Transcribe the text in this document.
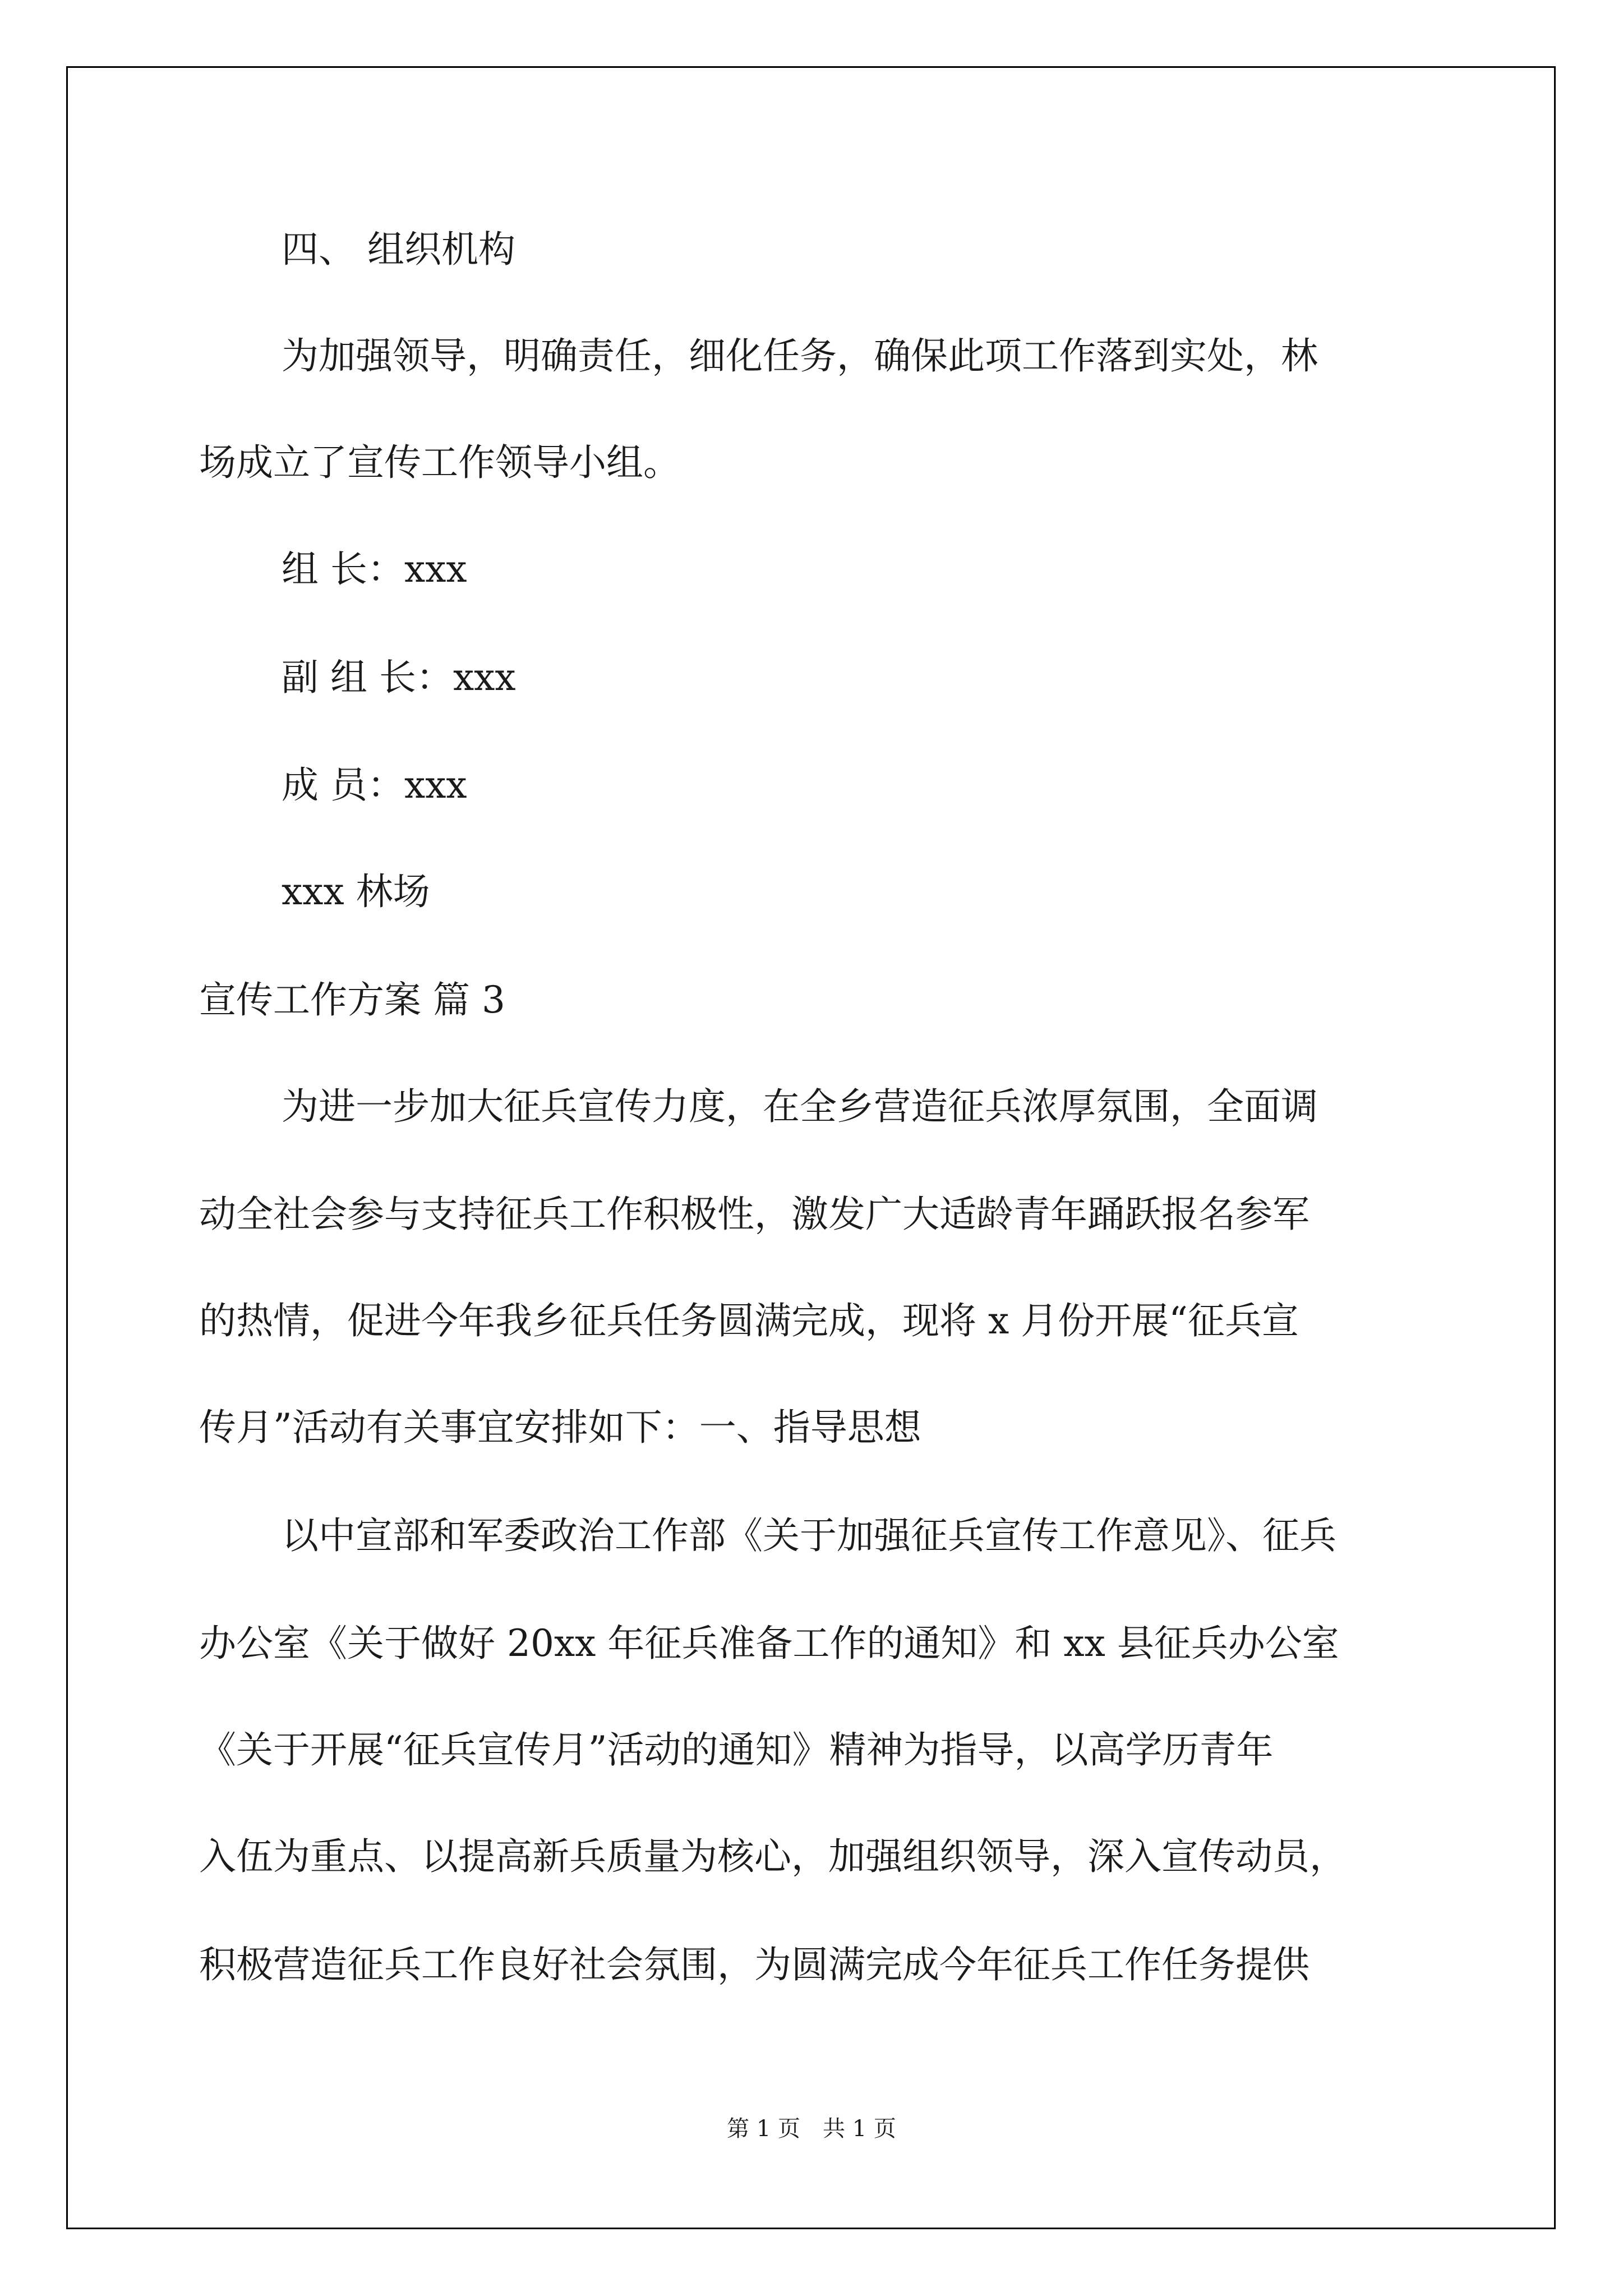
四、 组织机构
为加强领导，明确责任，细化任务，确保此项工作落到实处，林
场成立了宣传工作领导小组。
组 长：xxx
副 组 长：xxx
成 员：xxx
xxx 林场
宣传工作方案 篇 3
为进一步加大征兵宣传力度，在全乡营造征兵浓厚氛围，全面调
动全社会参与支持征兵工作积极性，激发广大适龄青年踊跃报名参军
的热情，促进今年我乡征兵任务圆满完成，现将 x 月份开展“征兵宣
传月”活动有关事宜安排如下：一、指导思想
以中宣部和军委政治工作部《关于加强征兵宣传工作意见》、征兵
办公室《关于做好 20xx 年征兵准备工作的通知》和 xx 县征兵办公室
《关于开展“征兵宣传月”活动的通知》精神为指导，以高学历青年
入伍为重点、以提高新兵质量为核心，加强组织领导，深入宣传动员，
积极营造征兵工作良好社会氛围，为圆满完成今年征兵工作任务提供
第 1 页　共 1 页
